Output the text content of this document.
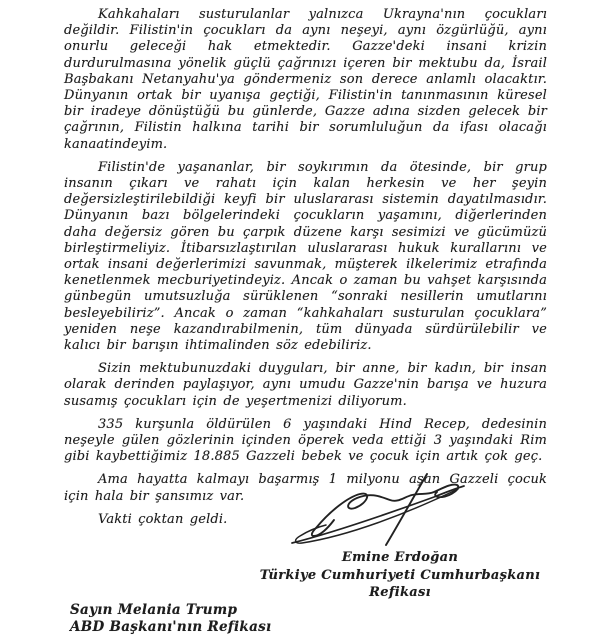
Kahkahaları susturulanlar yalnızca Ukrayna'nın çocukları değildir. Filistin'in çocukları da aynı neşeyi, aynı özgürlüğü, aynı onurlu geleceği hak etmektedir. Gazze'deki insani krizin durdurulmasına yönelik güçlü çağrınızı içeren bir mektubu da, İsrail Başbakanı Netanyahu'ya göndermeniz son derece anlamlı olacaktır. Dünyanın ortak bir uyanışa geçtiği, Filistin'in tanınmasının küresel bir iradeye dönüştüğü bu günlerde, Gazze adına sizden gelecek bir çağrının, Filistin halkına tarihi bir sorumluluğun da ifası olacağı kanaatindeyim.

Filistin'de yaşananlar, bir soykırımın da ötesinde, bir grup insanın çıkarı ve rahatı için kalan herkesin ve her şeyin değersizleştirilebildiği keyfi bir uluslararası sistemin dayatılmasıdır. Dünyanın bazı bölgelerindeki çocukların yaşamını, diğerlerinden daha değersiz gören bu çarpık düzene karşı sesimizi ve gücümüzü birleştirmeliyiz. İtibarsızlaştırılan uluslararası hukuk kurallarını ve ortak insani değerlerimizi savunmak, müşterek ilkelerimiz etrafında kenetlenmek mecburiyetindeyiz. Ancak o zaman bu vahşet karşısında günbegün umutsuzluğa sürüklenen “sonraki nesillerin umutlarını besleyebiliriz”. Ancak o zaman “kahkahaları susturulan çocuklara” yeniden neşe kazandırabilmenin, tüm dünyada sürdürülebilir ve kalıcı bir barışın ihtimalinden söz edebiliriz.

Sizin mektubunuzdaki duyguları, bir anne, bir kadın, bir insan olarak derinden paylaşıyor, aynı umudu Gazze'nin barışa ve huzura susamış çocukları için de yeşertmenizi diliyorum.

335 kurşunla öldürülen 6 yaşındaki Hind Recep, dedesinin neşeyle gülen gözlerinin içinden öperek veda ettiği 3 yaşındaki Rim gibi kaybettiğimiz 18.885 Gazzeli bebek ve çocuk için artık çok geç.

Ama hayatta kalmayı başarmış 1 milyonu aşan Gazzeli çocuk için hala bir şansımız var.

Vakti çoktan geldi.

Emine Erdoğan
Türkiye Cumhuriyeti Cumhurbaşkanı Refikası
Sayın Melania Trump
ABD Başkanı'nın Refikası
